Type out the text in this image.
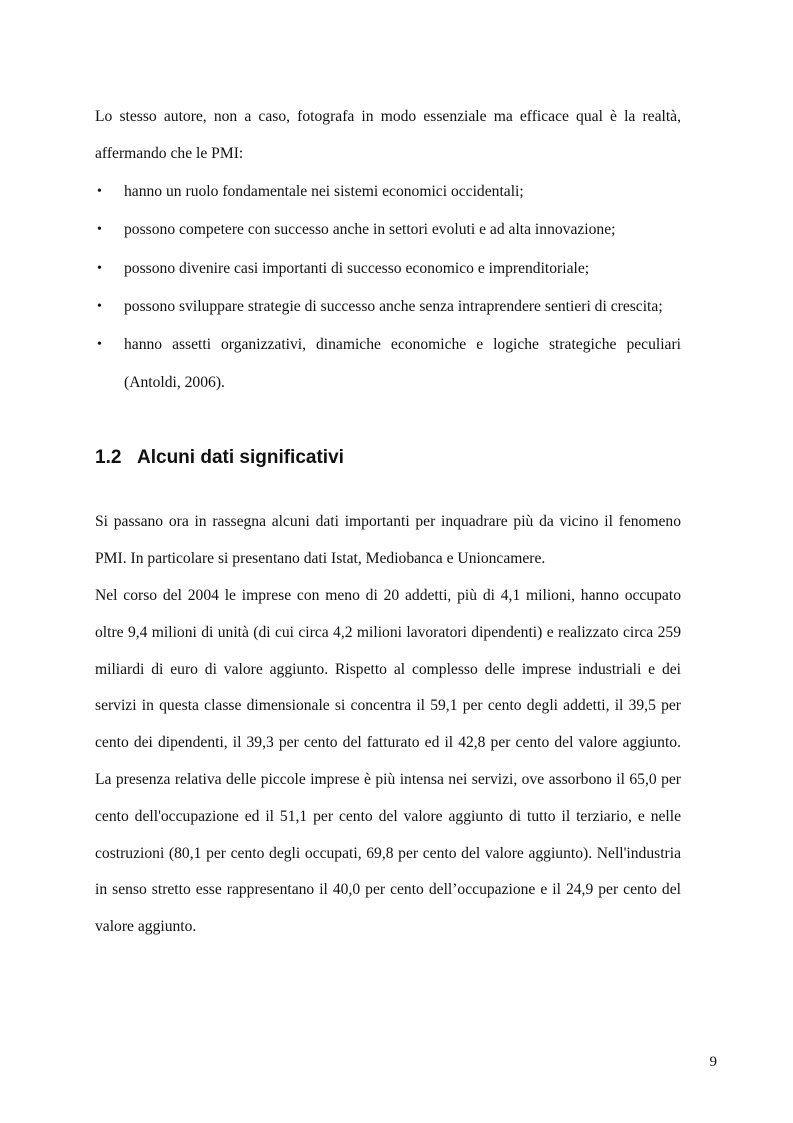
Lo stesso autore, non a caso, fotografa in modo essenziale ma efficace qual è la realtà, affermando che le PMI:

• hanno un ruolo fondamentale nei sistemi economici occidentali;
• possono competere con successo anche in settori evoluti e ad alta innovazione;
• possono divenire casi importanti di successo economico e imprenditoriale;
• possono sviluppare strategie di successo anche senza intraprendere sentieri di crescita;
• hanno assetti organizzativi, dinamiche economiche e logiche strategiche peculiari (Antoldi, 2006).
1.2 Alcuni dati significativi

Si passano ora in rassegna alcuni dati importanti per inquadrare più da vicino il fenomeno PMI. In particolare si presentano dati Istat, Mediobanca e Unioncamere.

Nel corso del 2004 le imprese con meno di 20 addetti, più di 4,1 milioni, hanno occupato oltre 9,4 milioni di unità (di cui circa 4,2 milioni lavoratori dipendenti) e realizzato circa 259 miliardi di euro di valore aggiunto. Rispetto al complesso delle imprese industriali e dei servizi in questa classe dimensionale si concentra il 59,1 per cento degli addetti, il 39,5 per cento dei dipendenti, il 39,3 per cento del fatturato ed il 42,8 per cento del valore aggiunto. La presenza relativa delle piccole imprese è più intensa nei servizi, ove assorbono il 65,0 per cento dell'occupazione ed il 51,1 per cento del valore aggiunto di tutto il terziario, e nelle costruzioni (80,1 per cento degli occupati, 69,8 per cento del valore aggiunto). Nell'industria in senso stretto esse rappresentano il 40,0 per cento dell’occupazione e il 24,9 per cento del valore aggiunto.

9
